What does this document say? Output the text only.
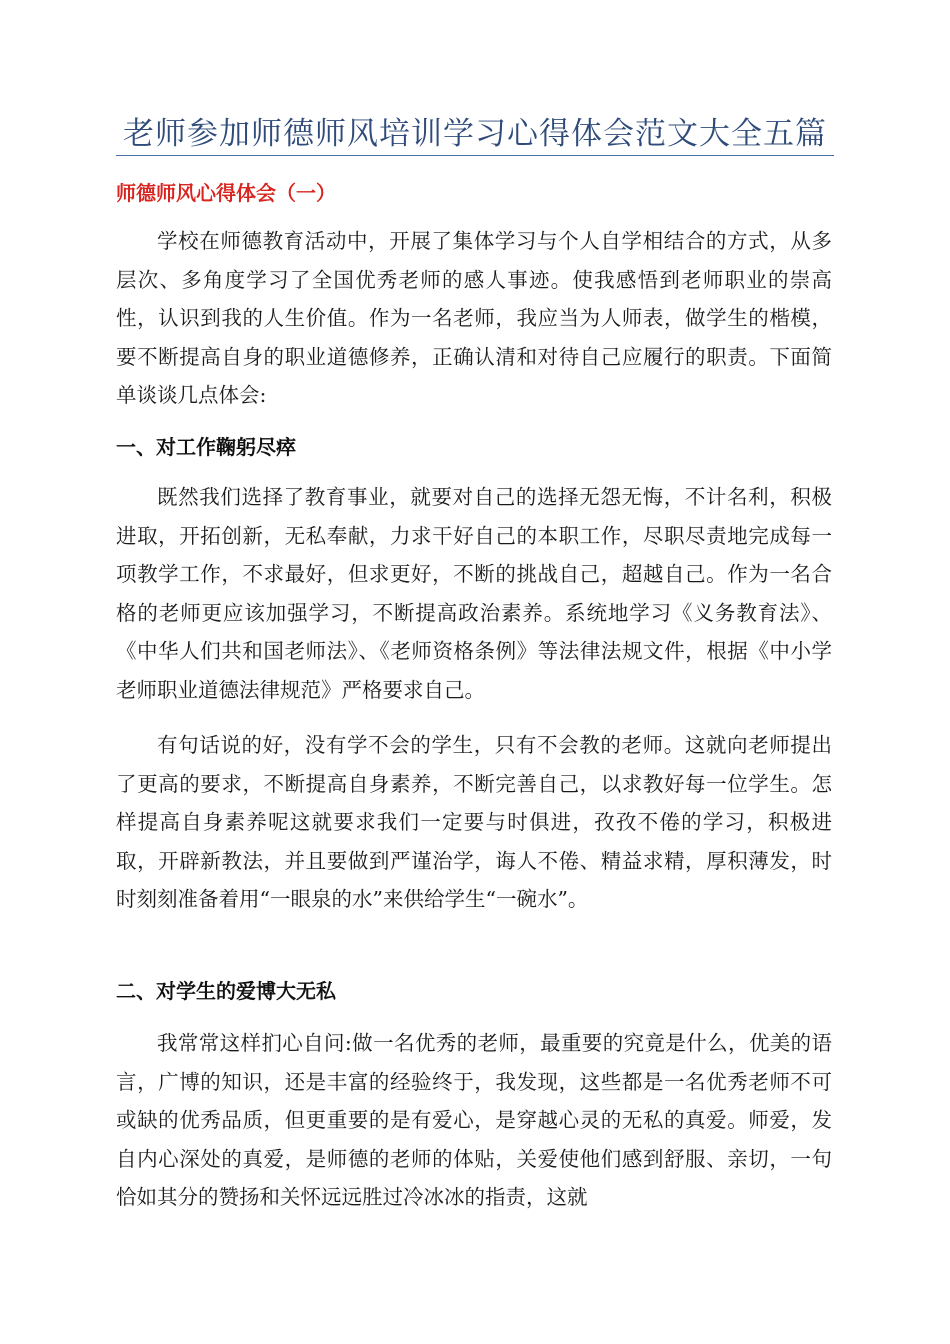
老师参加师德师风培训学习心得体会范文大全五篇
师德师风心得体会（一）

学校在师德教育活动中，开展了集体学习与个人自学相结合的方式，从多层次、多角度学习了全国优秀老师的感人事迹。使我感悟到老师职业的崇高性，认识到我的人生价值。作为一名老师，我应当为人师表，做学生的楷模，要不断提高自身的职业道德修养，正确认清和对待自己应履行的职责。下面简单谈谈几点体会:

一、对工作鞠躬尽瘁

既然我们选择了教育事业，就要对自己的选择无怨无悔，不计名利，积极进取，开拓创新，无私奉献，力求干好自己的本职工作，尽职尽责地完成每一项教学工作，不求最好，但求更好，不断的挑战自己，超越自己。作为一名合格的老师更应该加强学习，不断提高政治素养。系统地学习《义务教育法》、《中华人们共和国老师法》、《老师资格条例》等法律法规文件，根据《中小学老师职业道德法律规范》严格要求自己。

有句话说的好，没有学不会的学生，只有不会教的老师。这就向老师提出了更高的要求，不断提高自身素养，不断完善自己，以求教好每一位学生。怎样提高自身素养呢这就要求我们一定要与时俱进，孜孜不倦的学习，积极进取，开辟新教法，并且要做到严谨治学，诲人不倦、精益求精，厚积薄发，时时刻刻准备着用“一眼泉的水”来供给学生“一碗水”。

二、对学生的爱博大无私

我常常这样扪心自问:做一名优秀的老师，最重要的究竟是什么，优美的语言，广博的知识，还是丰富的经验终于，我发现，这些都是一名优秀老师不可或缺的优秀品质，但更重要的是有爱心，是穿越心灵的无私的真爱。师爱，发自内心深处的真爱，是师德的老师的体贴，关爱使他们感到舒服、亲切，一句恰如其分的赞扬和关怀远远胜过冷冰冰的指责，这就
